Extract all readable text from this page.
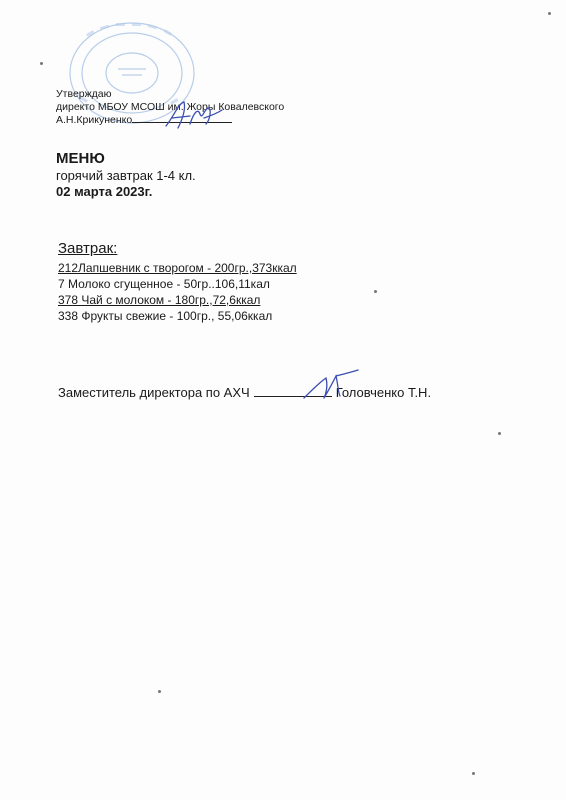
Утверждаю
директо МБОУ МСОШ им. Жоры Ковалевского
А.Н.Крикуненко
МЕНЮ
горячий завтрак 1-4 кл.
02 марта 2023г.
Завтрак:
212Лапшевник с творогом - 200гр.,373ккал
7 Молоко сгущенное - 50гр..106,11кал
378 Чай с молоком - 180гр.,72,6ккал
338 Фрукты свежие - 100гр., 55,06ккал
Заместитель директора по АХЧ	Головченко Т.Н.
